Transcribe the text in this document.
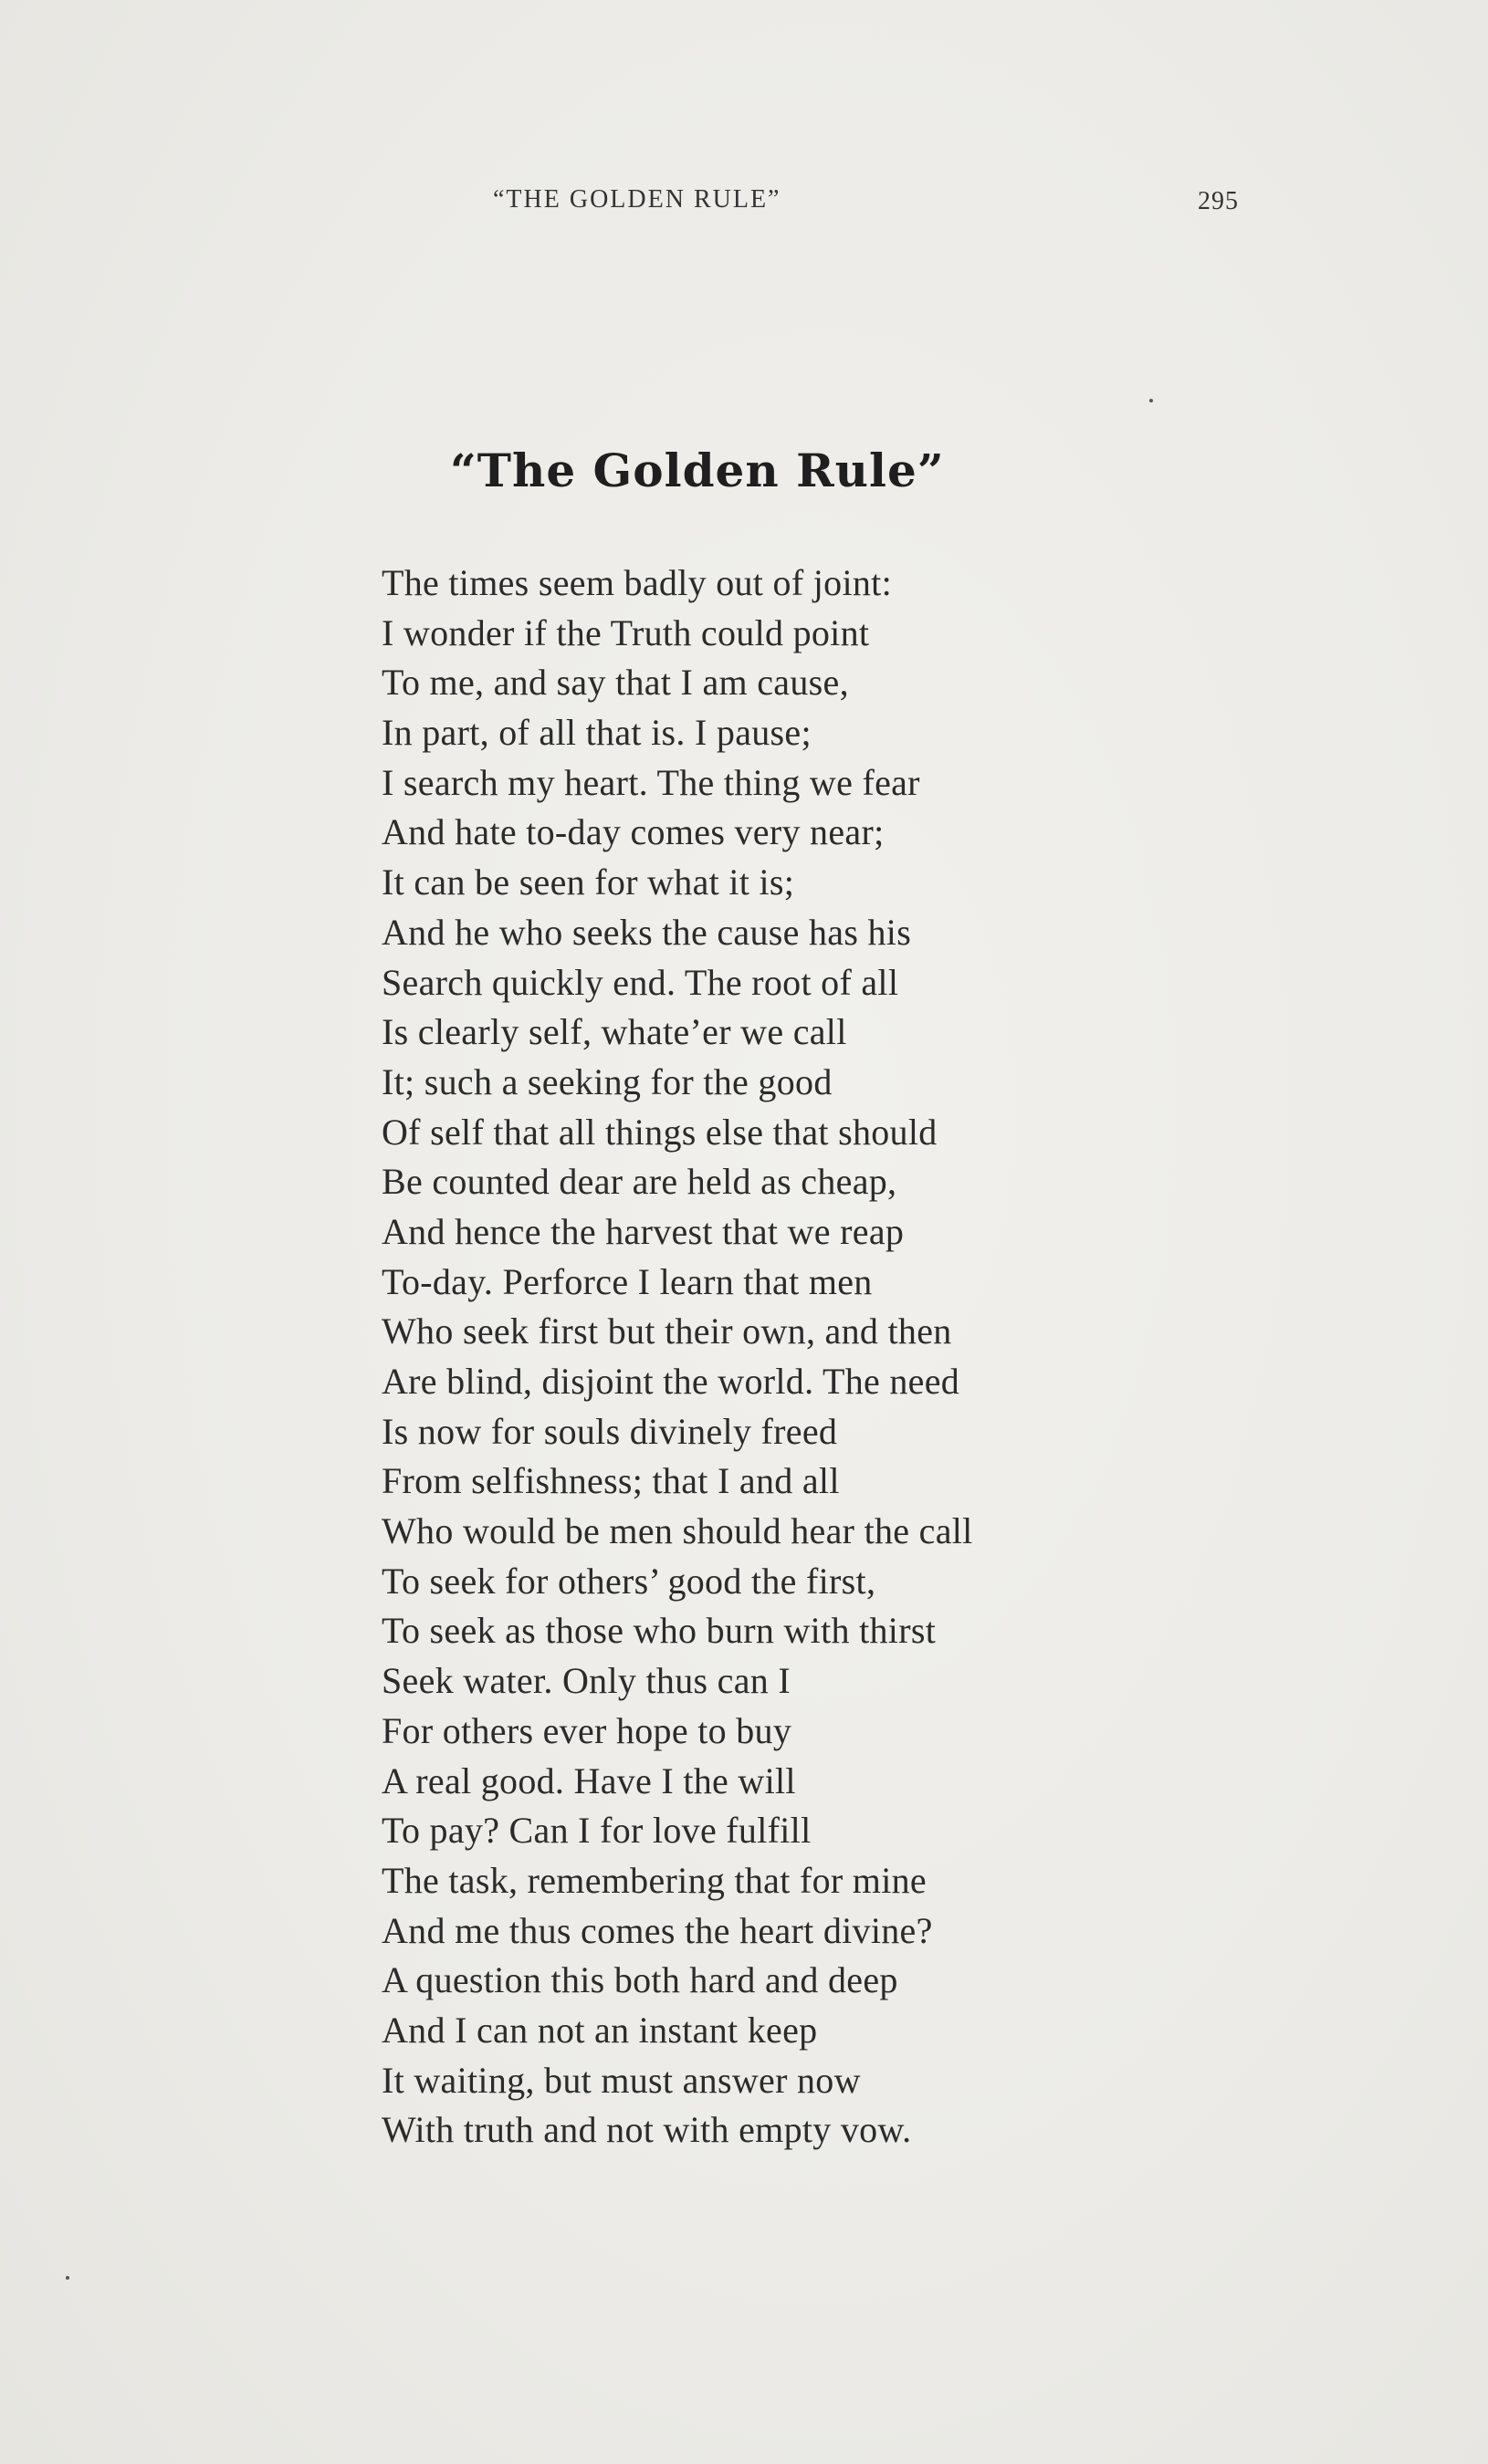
“THE GOLDEN RULE”	295
“The Golden Rule”
The times seem badly out of joint:
I wonder if the Truth could point
To me, and say that I am cause,
In part, of all that is. I pause;
I search my heart. The thing we fear
And hate to-day comes very near;
It can be seen for what it is;
And he who seeks the cause has his
Search quickly end. The root of all
Is clearly self, whate’er we call
It; such a seeking for the good
Of self that all things else that should
Be counted dear are held as cheap,
And hence the harvest that we reap
To-day. Perforce I learn that men
Who seek first but their own, and then
Are blind, disjoint the world. The need
Is now for souls divinely freed
From selfishness; that I and all
Who would be men should hear the call
To seek for others’ good the first,
To seek as those who burn with thirst
Seek water. Only thus can I
For others ever hope to buy
A real good. Have I the will
To pay? Can I for love fulfill
The task, remembering that for mine
And me thus comes the heart divine?
A question this both hard and deep
And I can not an instant keep
It waiting, but must answer now
With truth and not with empty vow.
